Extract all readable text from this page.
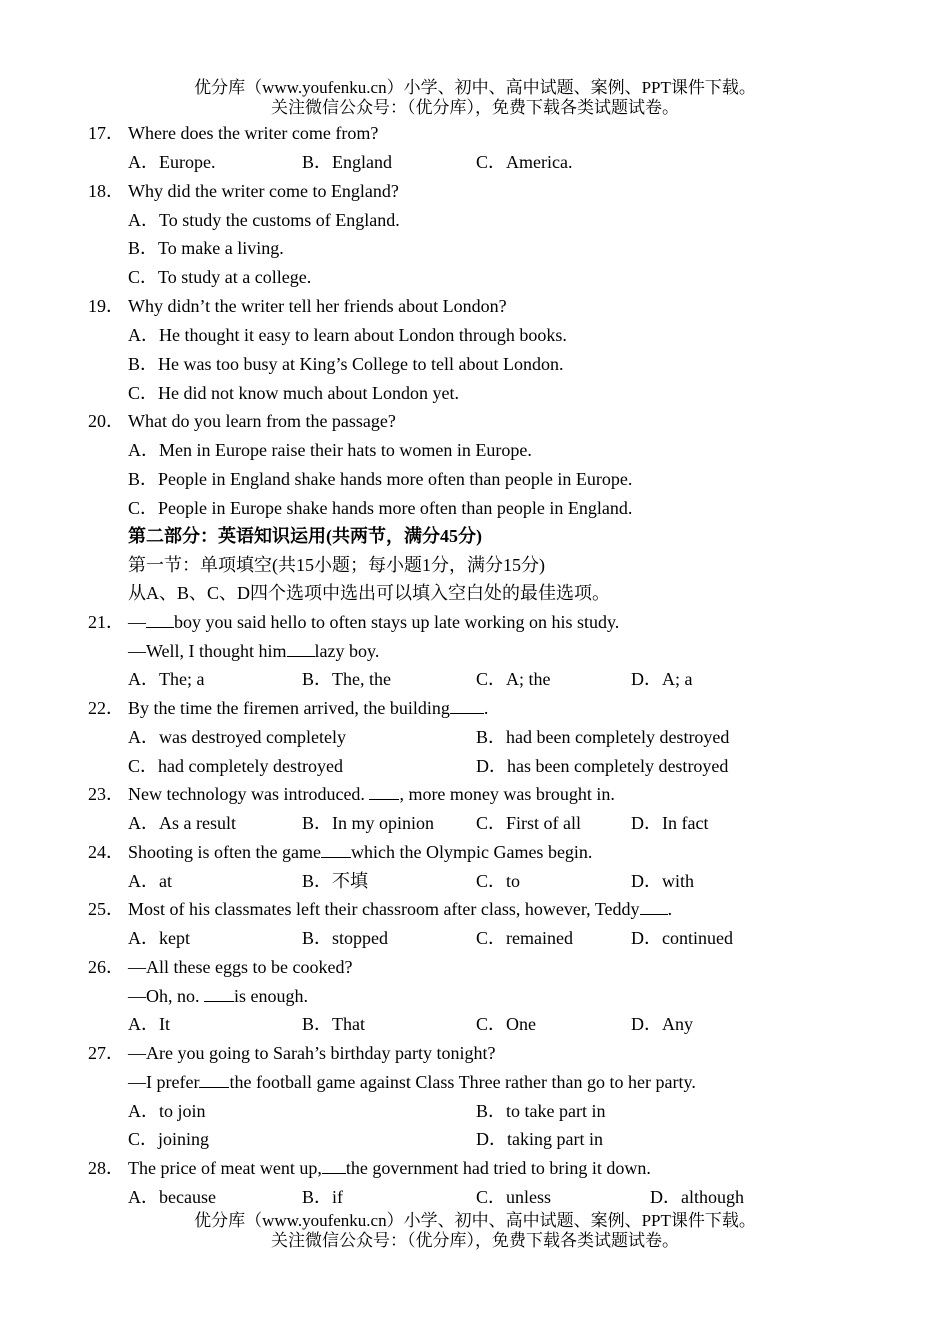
优分库（www.youfenku.cn）小学、初中、高中试题、案例、PPT课件下载。
关注微信公众号：（优分库），免费下载各类试题试卷。
17． Where does the writer come from?
A．Europe.	B．England	C．America.
18． Why did the writer come to England?
A．To study the customs of England.
B．To make a living.
C．To study at a college.
19． Why didn’t the writer tell her friends about London?
A．He thought it easy to learn about London through books.
B．He was too busy at King’s College to tell about London.
C．He did not know much about London yet.
20． What do you learn from the passage?
A．Men in Europe raise their hats to women in Europe.
B．People in England shake hands more often than people in Europe.
C．People in Europe shake hands more often than people in England.
第二部分：英语知识运用(共两节，满分45分)
第一节：单项填空(共15小题；每小题1分，满分15分)
从A、B、C、D四个选项中选出可以填入空白处的最佳选项。
21． — boy you said hello to often stays up late working on his study.
—Well, I thought him lazy boy.
A．The; a	B．The, the	C．A; the	D．A; a
22． By the time the firemen arrived, the building .
A．was destroyed completely	B．had been completely destroyed
C．had completely destroyed	D．has been completely destroyed
23． New technology was introduced. , more money was brought in.
A．As a result	B．In my opinion C．First of all	D．In fact
24． Shooting is often the game which the Olympic Games begin.
A．at	B．不填	C．to	D．with
25． Most of his classmates left their chassroom after class, however, Teddy .
A．kept	B．stopped	C．remained	D．continued
26． —All these eggs to be cooked?
—Oh, no. is enough.
A．It	B．That	C．One	D．Any
27． —Are you going to Sarah’s birthday party tonight?
—I prefer the football game against Class Three rather than go to her party.
A．to join	B．to take part in
C．joining	D．taking part in
28． The price of meat went up, the government had tried to bring it down.
A．because	B．if	C．unless	D．although
优分库（www.youfenku.cn）小学、初中、高中试题、案例、PPT课件下载。
关注微信公众号：（优分库），免费下载各类试题试卷。
